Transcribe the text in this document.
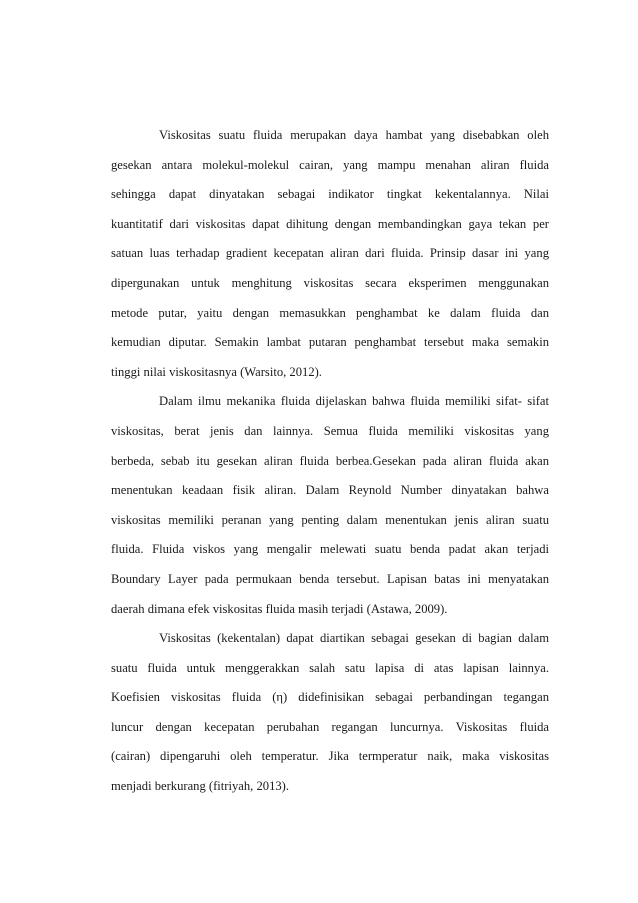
Viskositas suatu fluida merupakan daya hambat yang disebabkan oleh
gesekan antara molekul-molekul cairan, yang mampu menahan aliran fluida
sehingga dapat dinyatakan sebagai indikator tingkat kekentalannya. Nilai
kuantitatif dari viskositas dapat dihitung dengan membandingkan gaya tekan per
satuan luas terhadap gradient kecepatan aliran dari fluida. Prinsip dasar ini yang
dipergunakan untuk menghitung viskositas secara eksperimen menggunakan
metode putar, yaitu dengan memasukkan penghambat ke dalam fluida dan
kemudian diputar. Semakin lambat putaran penghambat tersebut maka semakin
tinggi nilai viskositasnya (Warsito, 2012).

Dalam ilmu mekanika fluida dijelaskan bahwa fluida memiliki sifat- sifat
viskositas, berat jenis dan lainnya. Semua fluida memiliki viskositas yang
berbeda, sebab itu gesekan aliran fluida berbea.Gesekan pada aliran fluida akan
menentukan keadaan fisik aliran. Dalam Reynold Number dinyatakan bahwa
viskositas memiliki peranan yang penting dalam menentukan jenis aliran suatu
fluida. Fluida viskos yang mengalir melewati suatu benda padat akan terjadi
Boundary Layer pada permukaan benda tersebut. Lapisan batas ini menyatakan
daerah dimana efek viskositas fluida masih terjadi (Astawa, 2009).

Viskositas (kekentalan) dapat diartikan sebagai gesekan di bagian dalam
suatu fluida untuk menggerakkan salah satu lapisa di atas lapisan lainnya.
Koefisien viskositas fluida (η) didefinisikan sebagai perbandingan tegangan
luncur dengan kecepatan perubahan regangan luncurnya. Viskositas fluida
(cairan) dipengaruhi oleh temperatur. Jika termperatur naik, maka viskositas
menjadi berkurang (fitriyah, 2013).
